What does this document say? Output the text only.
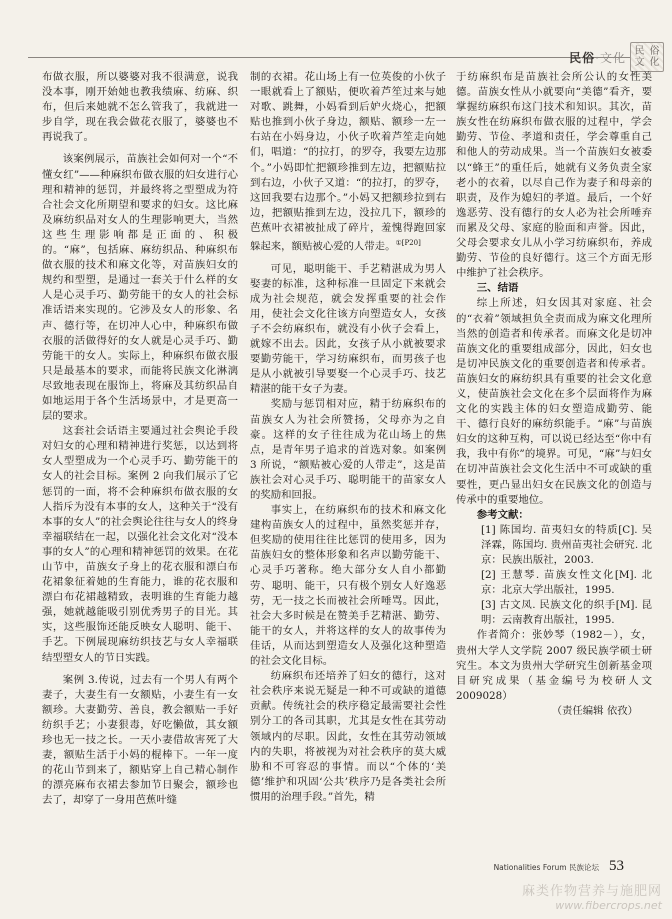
民俗·文化 民 俗
文 化

布做衣服，所以婆婆对我不很满意，说我没本事，刚开始她也教我绩麻、纺麻、织布，但后来她就不怎么管我了，我就进一步自学，现在我会做花衣服了，婆婆也不再说我了。

该案例展示，苗族社会如何对一个“不懂女红”——种麻织布做衣服的妇女进行心理和精神的惩罚，并最终将之型塑成为符合社会文化所期望和要求的妇女。这比麻及麻纺织品对女人的生理影响更大，当然这些生理影响都是正面的、积极的。“麻”，包括麻、麻纺织品、种麻织布做衣服的技术和麻文化等，对苗族妇女的规约和型塑，是通过一套关于什么样的女人是心灵手巧、勤劳能干的女人的社会标准话语来实现的。它涉及女人的形象、名声、德行等，在切冲人心中，种麻织布做衣服的活做得好的女人就是心灵手巧、勤劳能干的女人。实际上，种麻织布做衣服只是最基本的要求，而能将民族文化淋漓尽致地表现在服饰上，将麻及其纺织品自如地运用于各个生活场景中，才是更高一层的要求。

这套社会话语主要通过社会舆论手段对妇女的心理和精神进行奖惩，以达到将女人型塑成为一个心灵手巧、勤劳能干的女人的社会目标。案例 2 向我们展示了它惩罚的一面，将不会种麻织布做衣服的女人指斥为没有本事的女人，这种关于“没有本事的女人”的社会舆论往往与女人的终身幸福联结在一起，以强化社会文化对“没本事的女人”的心理和精神惩罚的效果。在花山节中，苗族女子身上的花衣服和漂白布花裙象征着她的生育能力，谁的花衣服和漂白布花裙越精致，表明谁的生育能力越强，她就越能吸引别优秀男子的目光。其实，这些服饰还能反映女人聪明、能干、手艺。下例展现麻纺织技艺与女人幸福联结型塑女人的节日实践。

案例 3.传说，过去有一个男人有两个妻子，大妻生有一女额贴，小妻生有一女额珍。大妻勤劳、善良，教会额贴一手好纺织手艺；小妻狠毒，好吃懒做，其女额珍也无一技之长。一天小妻借故害死了大妻，额贴生活于小妈的棍棒下。一年一度的花山节到来了，额贴穿上自己精心制作的漂亮麻布衣裙去参加节日聚会，额珍也去了，却穿了一身用芭蕉叶缝

制的衣裙。花山场上有一位英俊的小伙子一眼就看上了额贴，便吹着芦笙过来与她对歌、跳舞，小妈看到后妒火烧心，把额贴也推到小伙子身边，额贴、额珍一左一右站在小妈身边，小伙子吹着芦笙走向她们，唱道：“的拉打，的罗夺，我要左边那个。”小妈即忙把额珍推到左边，把额贴拉到右边，小伙子又道：“的拉打，的罗夺，这回我要右边那个。”小妈又把额珍拉到右边，把额贴推到左边，没拉几下，额珍的芭蕉叶衣裙被扯成了碎片，羞愧得跑回家躲起来，额贴被心爱的人带走。$^{①[P20]}$

可见，聪明能干、手艺精湛成为男人娶妻的标准，这种标准一旦固定下来就会成为社会规范，就会发挥重要的社会作用，使社会文化往该方向塑造女人，女孩子不会纺麻织布，就没有小伙子会看上，就嫁不出去。因此，女孩子从小就被要求要勤劳能干，学习纺麻织布，而男孩子也是从小就被引导要娶一个心灵手巧、技艺精湛的能干女子为妻。

奖励与惩罚相对应，精于纺麻织布的苗族女人为社会所赞扬，父母亦为之自豪。这样的女子往往成为花山场上的焦点，是青年男子追求的首选对象。如案例 3 所说，“额贴被心爱的人带走”，这是苗族社会对心灵手巧、聪明能干的苗家女人的奖励和回报。

事实上，在纺麻织布的技术和麻文化建构苗族女人的过程中，虽然奖惩并存，但奖励的使用往往比惩罚的使用多，因为苗族妇女的整体形象和名声以勤劳能干、心灵手巧著称。绝大部分女人自小都勤劳、聪明、能干，只有极个别女人好逸恶劳，无一技之长而被社会所唾骂。因此，社会大多时候是在赞美手艺精湛、勤劳、能干的女人，并将这样的女人的故事传为佳话，从而达到塑造女人及强化这种塑造的社会文化目标。

纺麻织布还培养了妇女的德行，这对社会秩序来说无疑是一种不可或缺的道德贡献。传统社会的秩序稳定最需要社会性别分工的各司其职，尤其是女性在其劳动领域内的尽职。因此，女性在其劳动领域内的失职，将被视为对社会秩序的莫大威胁和不可容忍的事情。而以“个体的‘美德’维护和巩固‘公共’秩序乃是各类社会所惯用的治理手段。”首先，精

于纺麻织布是苗族社会所公认的女性美德。苗族女性从小就要向“美德”看齐，要掌握纺麻织布这门技术和知识。其次，苗族女性在纺麻织布做衣服的过程中，学会勤劳、节俭、孝道和责任，学会尊重自己和他人的劳动成果。当一个苗族妇女被委以“蜂王”的重任后，她就有义务负责全家老小的衣着，以尽自己作为妻子和母亲的职责，及作为媳妇的孝道。最后，一个好逸恶劳、没有德行的女人必为社会所唾弃而累及父母、家庭的脸面和声誉。因此，父母会要求女儿从小学习纺麻织布，养成勤劳、节俭的良好德行。这三个方面无形中维护了社会秩序。

三、结语

综上所述，妇女因其对家庭、社会的“衣着”领域担负全责而成为麻文化理所当然的创造者和传承者。而麻文化是切冲苗族文化的重要组成部分，因此，妇女也是切冲民族文化的重要创造者和传承者。苗族妇女的麻纺织具有重要的社会文化意义，使苗族社会文化在多个层面将作为麻文化的实践主体的妇女塑造成勤劳、能干、德行良好的麻纺织能手。“麻”与苗族妇女的这种互构，可以说已经达至“你中有我，我中有你”的境界。可见，“麻”与妇女在切冲苗族社会文化生活中不可或缺的重要性，更凸显出妇女在民族文化的创造与传承中的重要地位。

参考文献：

[1] 陈国均. 苗夷妇女的特质[C]. 吴泽霖，陈国均. 贵州苗夷社会研究. 北京：民族出版社，2003.

[2] 王慧琴. 苗族女性文化[M]. 北京：北京大学出版社，1995.

[3] 古文凤. 民族文化的织手[M]. 昆明：云南教育出版社，1995.

作者简介：张妙琴（1982－），女，贵州大学人文学院 2007 级民族学硕士研究生。本文为贵州大学研究生创新基金项目研究成果（基金编号为校研人文 2009028）

（责任编辑 依孜）

Nationalities Forum 民族论坛 53
麻类作物营养与施肥网
www.fibercrops.net
